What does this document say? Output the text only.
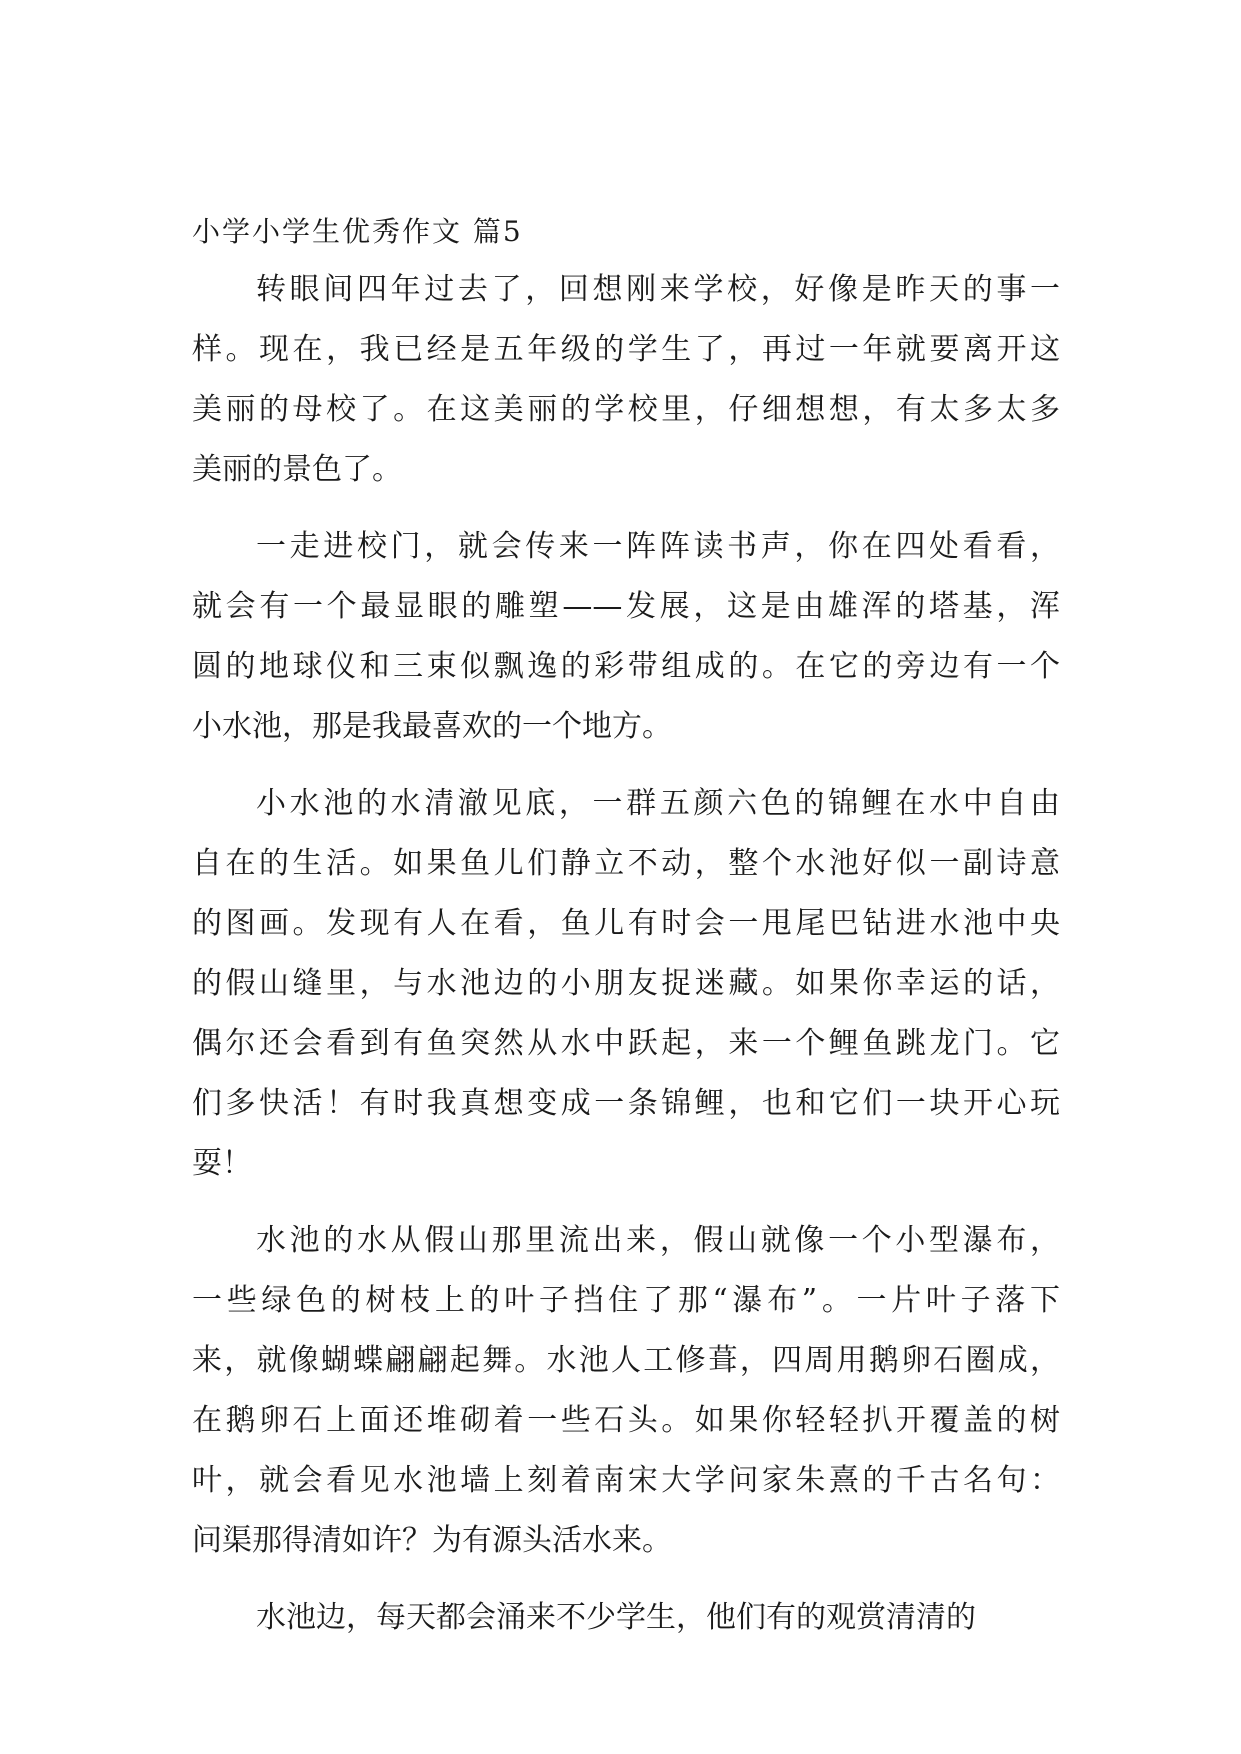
小学小学生优秀作文 篇5
转眼间四年过去了，回想刚来学校，好像是昨天的事一
样。现在，我已经是五年级的学生了，再过一年就要离开这
美丽的母校了。在这美丽的学校里，仔细想想，有太多太多
美丽的景色了。
一走进校门，就会传来一阵阵读书声，你在四处看看，
就会有一个最显眼的雕塑——发展，这是由雄浑的塔基，浑
圆的地球仪和三束似飘逸的彩带组成的。在它的旁边有一个
小水池，那是我最喜欢的一个地方。
小水池的水清澈见底，一群五颜六色的锦鲤在水中自由
自在的生活。如果鱼儿们静立不动，整个水池好似一副诗意
的图画。发现有人在看，鱼儿有时会一甩尾巴钻进水池中央
的假山缝里，与水池边的小朋友捉迷藏。如果你幸运的话，
偶尔还会看到有鱼突然从水中跃起，来一个鲤鱼跳龙门。它
们多快活！有时我真想变成一条锦鲤，也和它们一块开心玩
耍！
水池的水从假山那里流出来，假山就像一个小型瀑布，
一些绿色的树枝上的叶子挡住了那“瀑布”。一片叶子落下
来，就像蝴蝶翩翩起舞。水池人工修葺，四周用鹅卵石圈成，
在鹅卵石上面还堆砌着一些石头。如果你轻轻扒开覆盖的树
叶，就会看见水池墙上刻着南宋大学问家朱熹的千古名句：
问渠那得清如许？为有源头活水来。
水池边，每天都会涌来不少学生，他们有的观赏清清的
